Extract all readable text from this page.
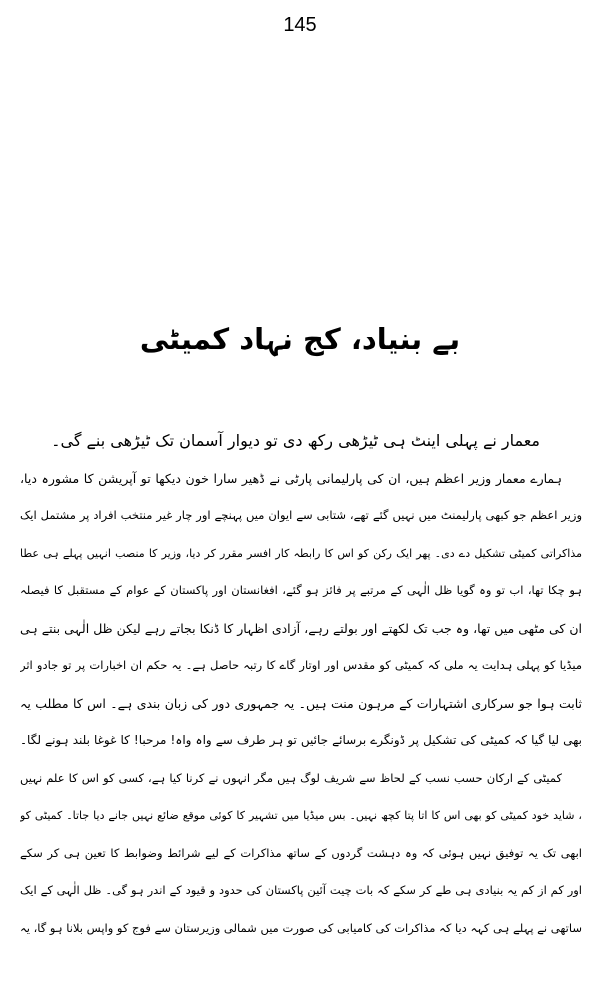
145
بے بنیاد، کج نہاد کمیٹی
معمار نے پہلی اینٹ ہی ٹیڑھی رکھ دی تو دیوار آسمان تک ٹیڑھی بنے گی۔
ہمارے معمار وزیر اعظم ہیں، ان کی پارلیمانی پارٹی نے ڈھیر سارا خون دیکھا تو آپریشن کا مشورہ دیا،
وزیر اعظم جو کبھی پارلیمنٹ میں نہیں گئے تھے، شتابی سے ایوان میں پہنچے اور چار غیر منتخب افراد پر مشتمل ایک
مذاکراتی کمیٹی تشکیل دے دی۔ پھر ایک رکن کو اس کا رابطہ کار افسر مقرر کر دیا، وزیر کا منصب انہیں پہلے ہی عطا
ہو چکا تھا، اب تو وہ گویا ظل الٰہی کے مرتبے پر فائز ہو گئے، افغانستان اور پاکستان کے عوام کے مستقبل کا فیصلہ
ان کی مٹھی میں تھا، وہ جب تک لکھتے اور بولتے رہے، آزادی اظہار کا ڈنکا بجاتے رہے لیکن ظل الٰہی بنتے ہی
میڈیا کو پہلی ہدایت یہ ملی کہ کمیٹی کو مقدس اور اوتار گاے کا رتبہ حاصل ہے۔ یہ حکم ان اخبارات پر تو جادو اثر
ثابت ہوا جو سرکاری اشتہارات کے مرہون منت ہیں۔ یہ جمہوری دور کی زبان بندی ہے۔ اس کا مطلب یہ
بھی لیا گیا کہ کمیٹی کی تشکیل پر ڈونگرے برسائے جائیں تو ہر طرف سے واہ واہ! مرحبا! کا غوغا بلند ہونے لگا۔
کمیٹی کے ارکان حسب نسب کے لحاظ سے شریف لوگ ہیں مگر انہوں نے کرنا کیا ہے، کسی کو اس کا علم نہیں
، شاید خود کمیٹی کو بھی اس کا اتا پتا کچھ نہیں۔ بس میڈیا میں تشہیر کا کوئی موقع ضائع نہیں جانے دیا جاتا۔ کمیٹی کو
ابھی تک یہ توفیق نہیں ہوئی کہ وہ دہشت گردوں کے ساتھ مذاکرات کے لیے شرائط وضوابط کا تعین ہی کر سکے
اور کم از کم یہ بنیادی ہی طے کر سکے کہ بات چیت آئین پاکستان کی حدود و قیود کے اندر ہو گی۔ ظل الٰہی کے ایک
ساتھی نے پہلے ہی کہہ دیا کہ مذاکرات کی کامیابی کی صورت میں شمالی وزیرستان سے فوج کو واپس بلانا ہو گا، یہ
